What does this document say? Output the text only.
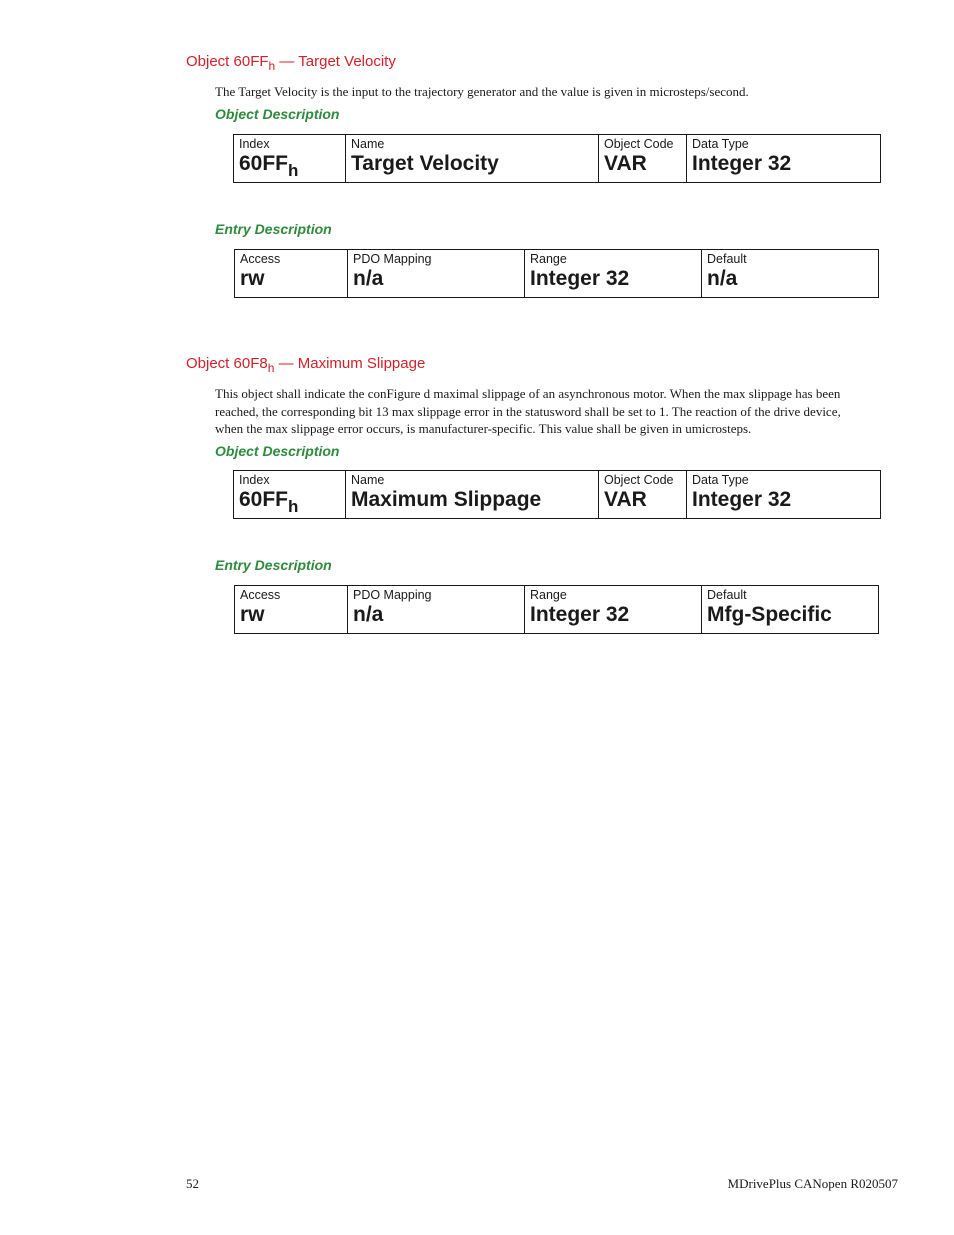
Object $60FF_h$ — Target Velocity
The Target Velocity is the input to the trajectory generator and the value is given in microsteps/second.
Object Description
Index
$60FF_h$
Name
Target Velocity
Object Code
VAR
Data Type
Integer 32
Entry Description
Access
rw
PDO Mapping
n/a
Range
Integer 32
Default
n/a
Object $60F8_h$ — Maximum Slippage
This object shall indicate the conFigure d maximal slippage of an asynchronous motor. When the max slippage has been
reached, the corresponding bit 13 max slippage error in the statusword shall be set to 1. The reaction of the drive device,
when the max slippage error occurs, is manufacturer-specific. This value shall be given in umicrosteps.
Object Description
Index
$60FF_h$
Name
Maximum Slippage
Object Code
VAR
Data Type
Integer 32
Entry Description
Access
rw
PDO Mapping
n/a
Range
Integer 32
Default
Mfg-Specific
52	MDrivePlus CANopen R020507
